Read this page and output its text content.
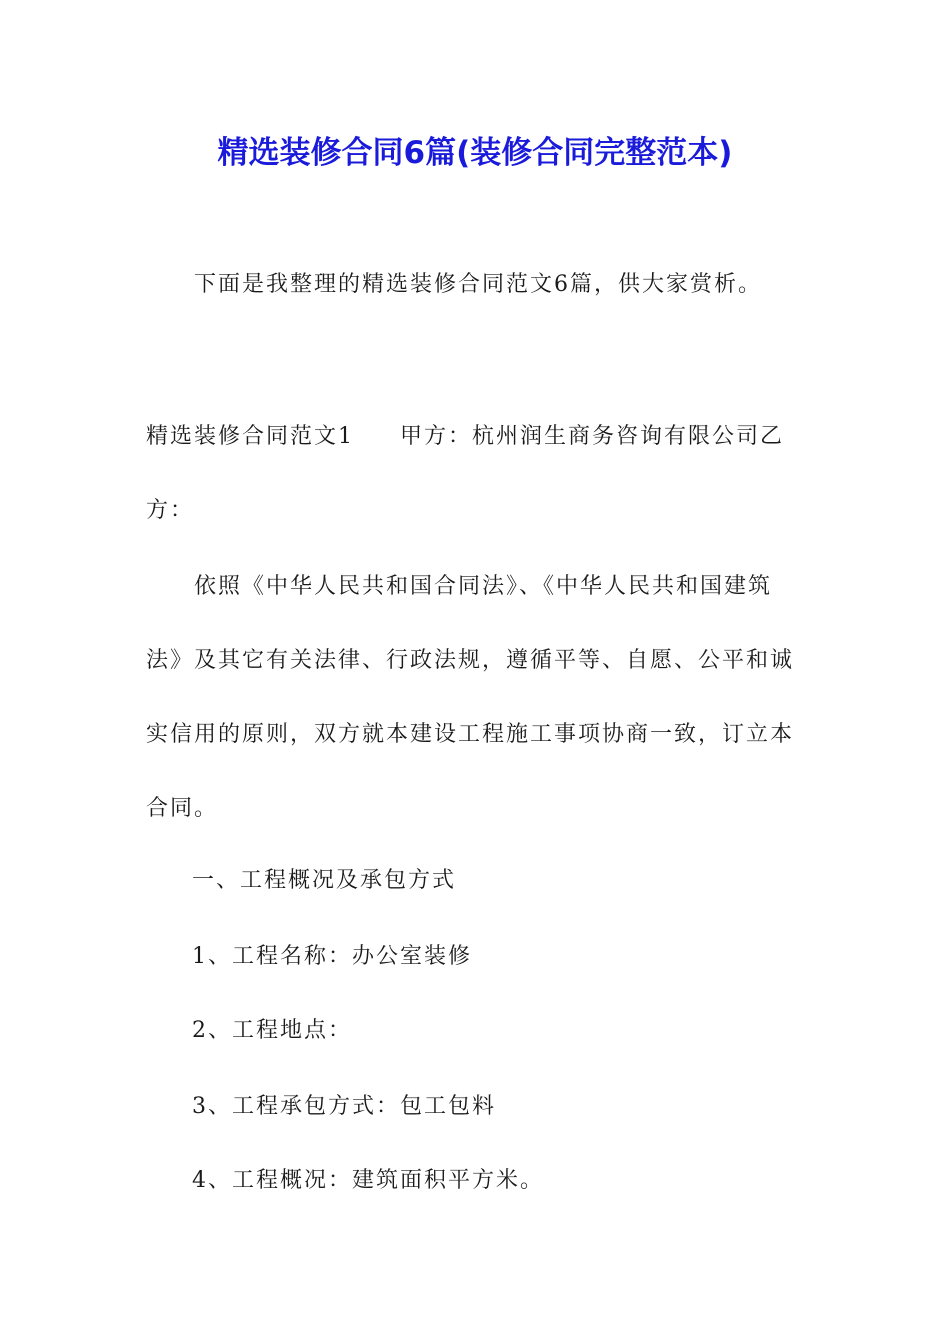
精选装修合同6篇(装修合同完整范本)

下面是我整理的精选装修合同范文6篇，供大家赏析。

精选装修合同范文1 甲方：杭州润生商务咨询有限公司乙方：

依照《中华人民共和国合同法》、《中华人民共和国建筑法》及其它有关法律、行政法规，遵循平等、自愿、公平和诚实信用的原则，双方就本建设工程施工事项协商一致，订立本合同。

一、工程概况及承包方式

1、工程名称：办公室装修

2、工程地点：

3、工程承包方式：包工包料

4、工程概况：建筑面积平方米。
